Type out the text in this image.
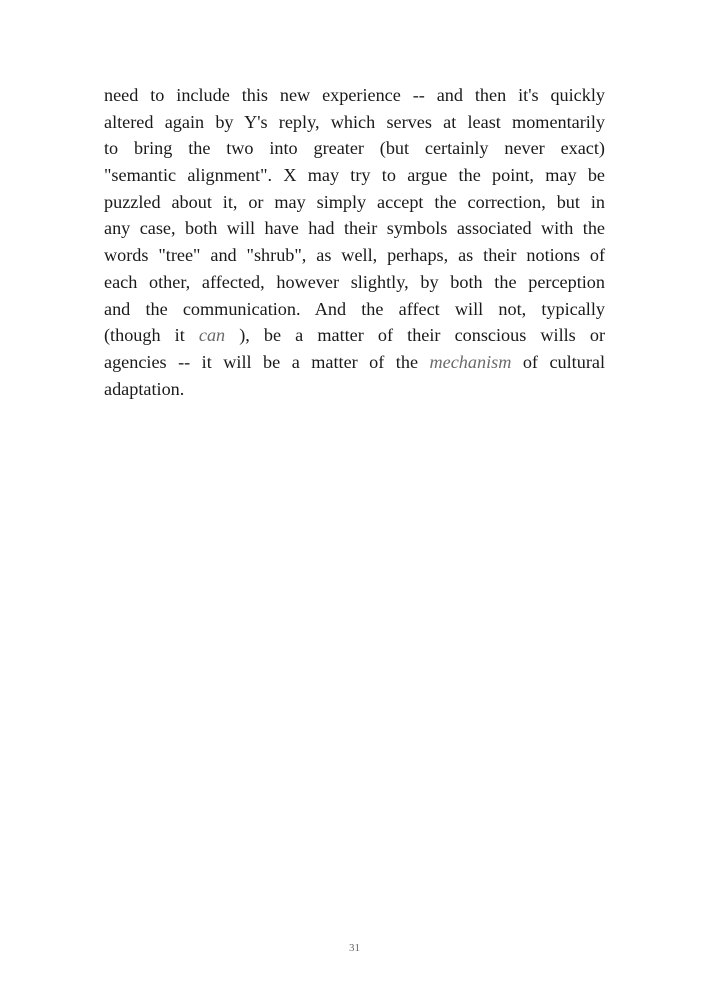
need to include this new experience -- and then it's quickly
altered again by Y's reply, which serves at least momentarily
to bring the two into greater (but certainly never exact)
"semantic alignment". X may try to argue the point, may be
puzzled about it, or may simply accept the correction, but in
any case, both will have had their symbols associated with the
words "tree" and "shrub", as well, perhaps, as their notions of
each other, affected, however slightly, by both the perception
and the communication. And the affect will not, typically
(though it can ), be a matter of their conscious wills or
agencies -- it will be a matter of the mechanism of cultural
adaptation.
31
